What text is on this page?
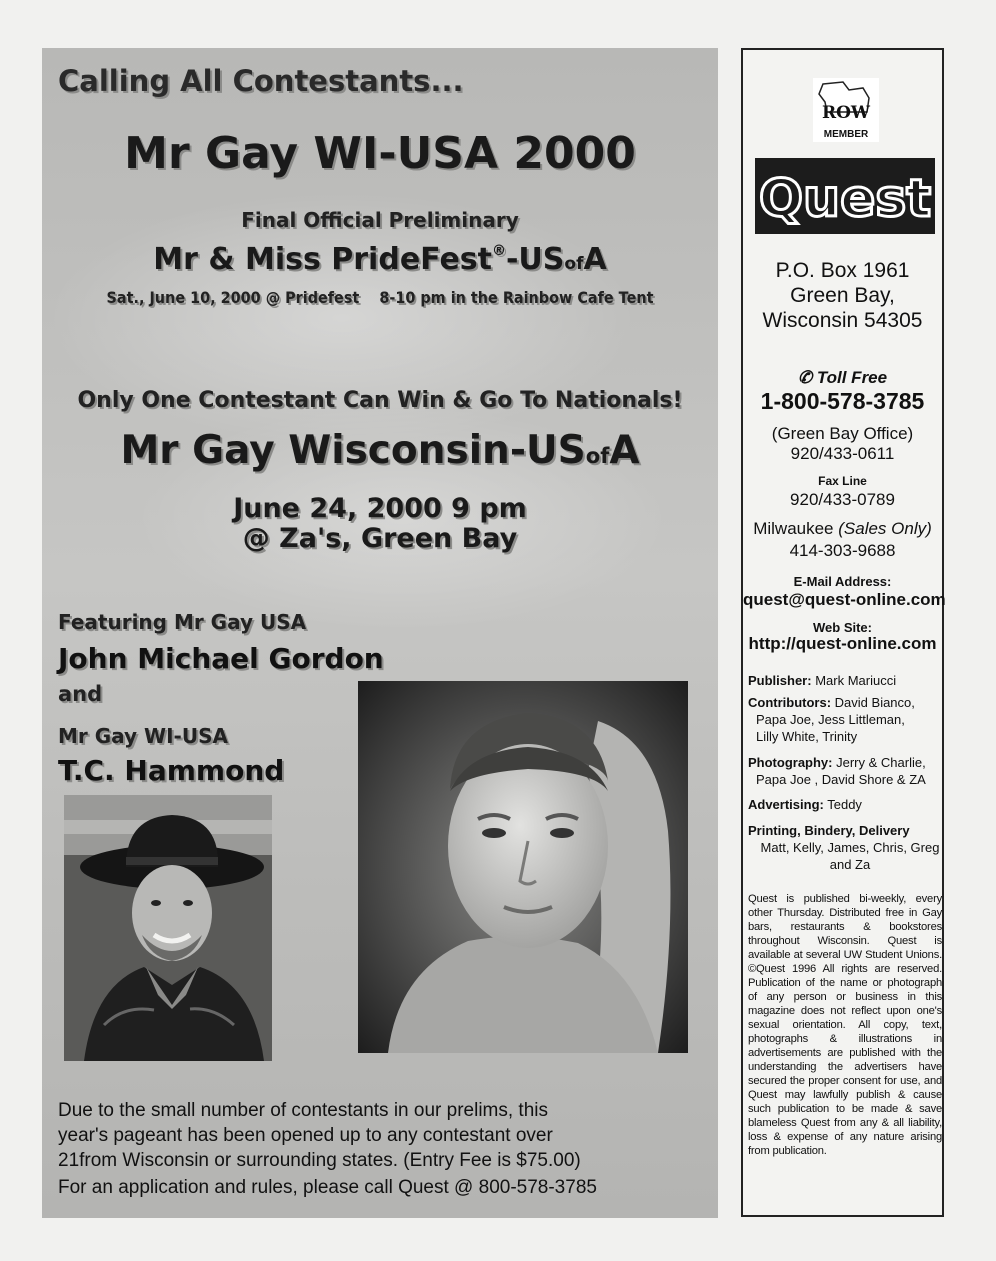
Calling All Contestants...
Mr Gay WI-USA 2000
Final Official Preliminary
Mr & Miss PrideFest®-USofA
Sat., June 10, 2000 @ Pridefest 8-10 pm in the Rainbow Cafe Tent
Only One Contestant Can Win & Go To Nationals!
Mr Gay Wisconsin-USofA
June 24, 2000 9 pm
@ Za's, Green Bay
Featuring Mr Gay USA
John Michael Gordon
and
Mr Gay WI-USA
T.C. Hammond
Due to the small number of contestants in our prelims, this
year's pageant has been opened up to any contestant over
21from Wisconsin or surrounding states. (Entry Fee is $75.00)
For an application and rules, please call Quest @ 800-578-3785
ROW
MEMBER
Quest
P.O. Box 1961
Green Bay,
Wisconsin 54305
✆ Toll Free
1-800-578-3785
(Green Bay Office)
920/433-0611
Fax Line
920/433-0789
Milwaukee (Sales Only)
414-303-9688
E-Mail Address:
quest@quest-online.com
Web Site:
http://quest-online.com
Publisher: Mark Mariucci
Contributors: David Bianco,
Papa Joe, Jess Littleman,
Lilly White, Trinity
Photography: Jerry & Charlie,
Papa Joe , David Shore & ZA
Advertising: Teddy
Printing, Bindery, Delivery
Matt, Kelly, James, Chris, Greg
and Za
Quest is published bi-weekly, every other Thursday. Distributed free in Gay bars, restaurants & bookstores throughout Wisconsin. Quest is available at several UW Student Unions. ©Quest 1996 All rights are reserved. Publication of the name or photograph of any person or business in this magazine does not reflect upon one's sexual orientation. All copy, text, photographs & illustrations in advertisements are published with the understanding the advertisers have secured the proper consent for use, and Quest may lawfully publish & cause such publication to be made & save blameless Quest from any & all liability, loss & expense of any nature arising from publication.
